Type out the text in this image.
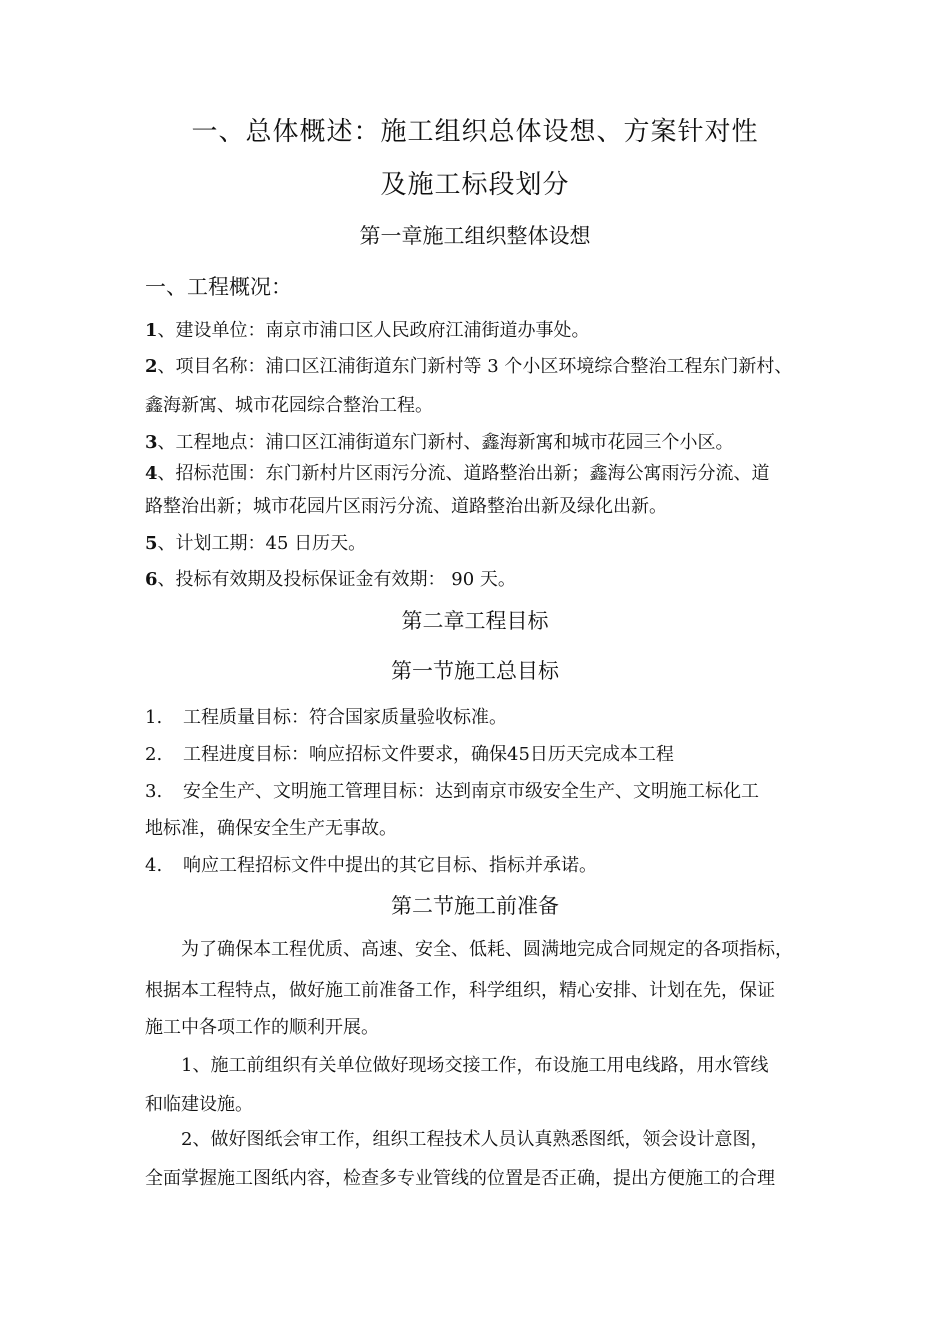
一、总体概述：施工组织总体设想、方案针对性
及施工标段划分
第一章施工组织整体设想
一、工程概况：
1、建设单位：南京市浦口区人民政府江浦街道办事处。
2、项目名称：浦口区江浦街道东门新村等 3 个小区环境综合整治工程东门新村、
鑫海新寓、城市花园综合整治工程。
3、工程地点：浦口区江浦街道东门新村、鑫海新寓和城市花园三个小区。
4、招标范围：东门新村片区雨污分流、道路整治出新；鑫海公寓雨污分流、道
路整治出新；城市花园片区雨污分流、道路整治出新及绿化出新。
5、计划工期：45 日历天。
6、投标有效期及投标保证金有效期： 90 天。
第二章工程目标
第一节施工总目标
1. 工程质量目标：符合国家质量验收标准。
2. 工程进度目标：响应招标文件要求，确保45日历天完成本工程
3. 安全生产、文明施工管理目标：达到南京市级安全生产、文明施工标化工
地标准，确保安全生产无事故。
4. 响应工程招标文件中提出的其它目标、指标并承诺。
第二节施工前准备
　　为了确保本工程优质、高速、安全、低耗、圆满地完成合同规定的各项指标，
根据本工程特点，做好施工前准备工作，科学组织，精心安排、计划在先，保证
施工中各项工作的顺利开展。
　　1、施工前组织有关单位做好现场交接工作，布设施工用电线路，用水管线
和临建设施。
　　2、做好图纸会审工作，组织工程技术人员认真熟悉图纸，领会设计意图，
全面掌握施工图纸内容，检查多专业管线的位置是否正确，提出方便施工的合理
